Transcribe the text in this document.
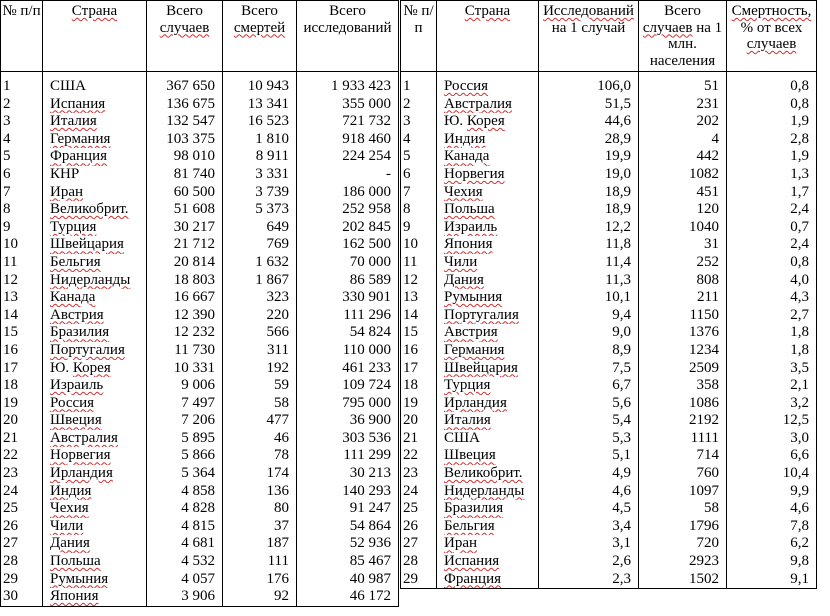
№ п/п	Страна	Всего случаев	Всего смертей	Всего исследований
1	США	367 650	10 943	1 933 423
2	Испания	136 675	13 341	355 000
3	Италия	132 547	16 523	721 732
4	Германия	103 375	1 810	918 460
5	Франция	98 010	8 911	224 254
6	КНР	81 740	3 331	-
7	Иран	60 500	3 739	186 000
8	Великобрит.	51 608	5 373	252 958
9	Турция	30 217	649	202 845
10	Швейцария	21 712	769	162 500
11	Бельгия	20 814	1 632	70 000
12	Нидерланды	18 803	1 867	86 589
13	Канада	16 667	323	330 901
14	Австрия	12 390	220	111 296
15	Бразилия	12 232	566	54 824
16	Португалия	11 730	311	110 000
17	Ю. Корея	10 331	192	461 233
18	Израиль	9 006	59	109 724
19	Россия	7 497	58	795 000
20	Швеция	7 206	477	36 900
21	Австралия	5 895	46	303 536
22	Норвегия	5 866	78	111 299
23	Ирландия	5 364	174	30 213
24	Индия	4 858	136	140 293
25	Чехия	4 828	80	91 247
26	Чили	4 815	37	54 864
27	Дания	4 681	187	52 936
28	Польша	4 532	111	85 467
29	Румыния	4 057	176	40 987
30	Япония	3 906	92	46 172
№ п/п	Страна	Исследований на 1 случай	Всего случаев на 1 млн. населения	Смертность, % от всех случаев
1	Россия	106,0	51	0,8
2	Австралия	51,5	231	0,8
3	Ю. Корея	44,6	202	1,9
4	Индия	28,9	4	2,8
5	Канада	19,9	442	1,9
6	Норвегия	19,0	1082	1,3
7	Чехия	18,9	451	1,7
8	Польша	18,9	120	2,4
9	Израиль	12,2	1040	0,7
10	Япония	11,8	31	2,4
11	Чили	11,4	252	0,8
12	Дания	11,3	808	4,0
13	Румыния	10,1	211	4,3
14	Португалия	9,4	1150	2,7
15	Австрия	9,0	1376	1,8
16	Германия	8,9	1234	1,8
17	Швейцария	7,5	2509	3,5
18	Турция	6,7	358	2,1
19	Ирландия	5,6	1086	3,2
20	Италия	5,4	2192	12,5
21	США	5,3	1111	3,0
22	Швеция	5,1	714	6,6
23	Великобрит.	4,9	760	10,4
24	Нидерланды	4,6	1097	9,9
25	Бразилия	4,5	58	4,6
26	Бельгия	3,4	1796	7,8
27	Иран	3,1	720	6,2
28	Испания	2,6	2923	9,8
29	Франция	2,3	1502	9,1
